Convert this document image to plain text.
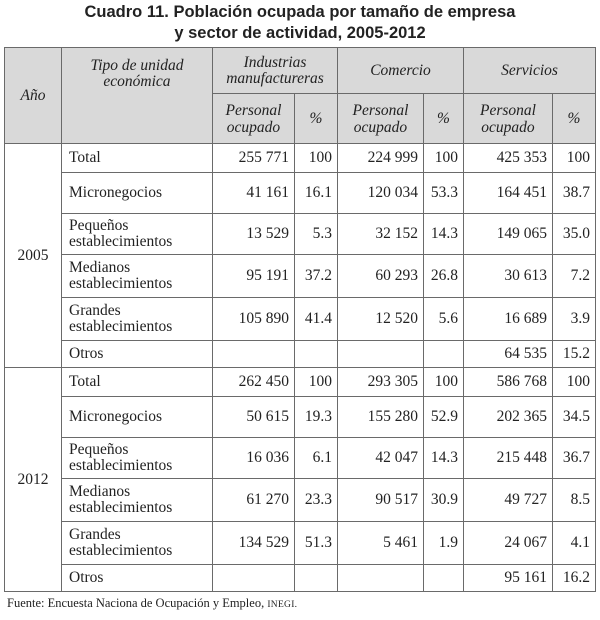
Cuadro 11. Población ocupada por tamaño de empresa
y sector de actividad, 2005-2012
Año	Tipo de unidad económica	Industrias manufactureras		Comercio		Servicios	
		Personal ocupado	%	Personal ocupado	%	Personal ocupado	%
2005	Total	255 771	100	224 999	100	425 353	100
	Micronegocios	41 161	16.1	120 034	53.3	164 451	38.7
	Pequeños establecimientos	13 529	5.3	32 152	14.3	149 065	35.0
	Medianos establecimientos	95 191	37.2	60 293	26.8	30 613	7.2
	Grandes establecimientos	105 890	41.4	12 520	5.6	16 689	3.9
	Otros					64 535	15.2
2012	Total	262 450	100	293 305	100	586 768	100
	Micronegocios	50 615	19.3	155 280	52.9	202 365	34.5
	Pequeños establecimientos	16 036	6.1	42 047	14.3	215 448	36.7
	Medianos establecimientos	61 270	23.3	90 517	30.9	49 727	8.5
	Grandes establecimientos	134 529	51.3	5 461	1.9	24 067	4.1
	Otros					95 161	16.2
Fuente: Encuesta Naciona de Ocupación y Empleo, INEGI.
